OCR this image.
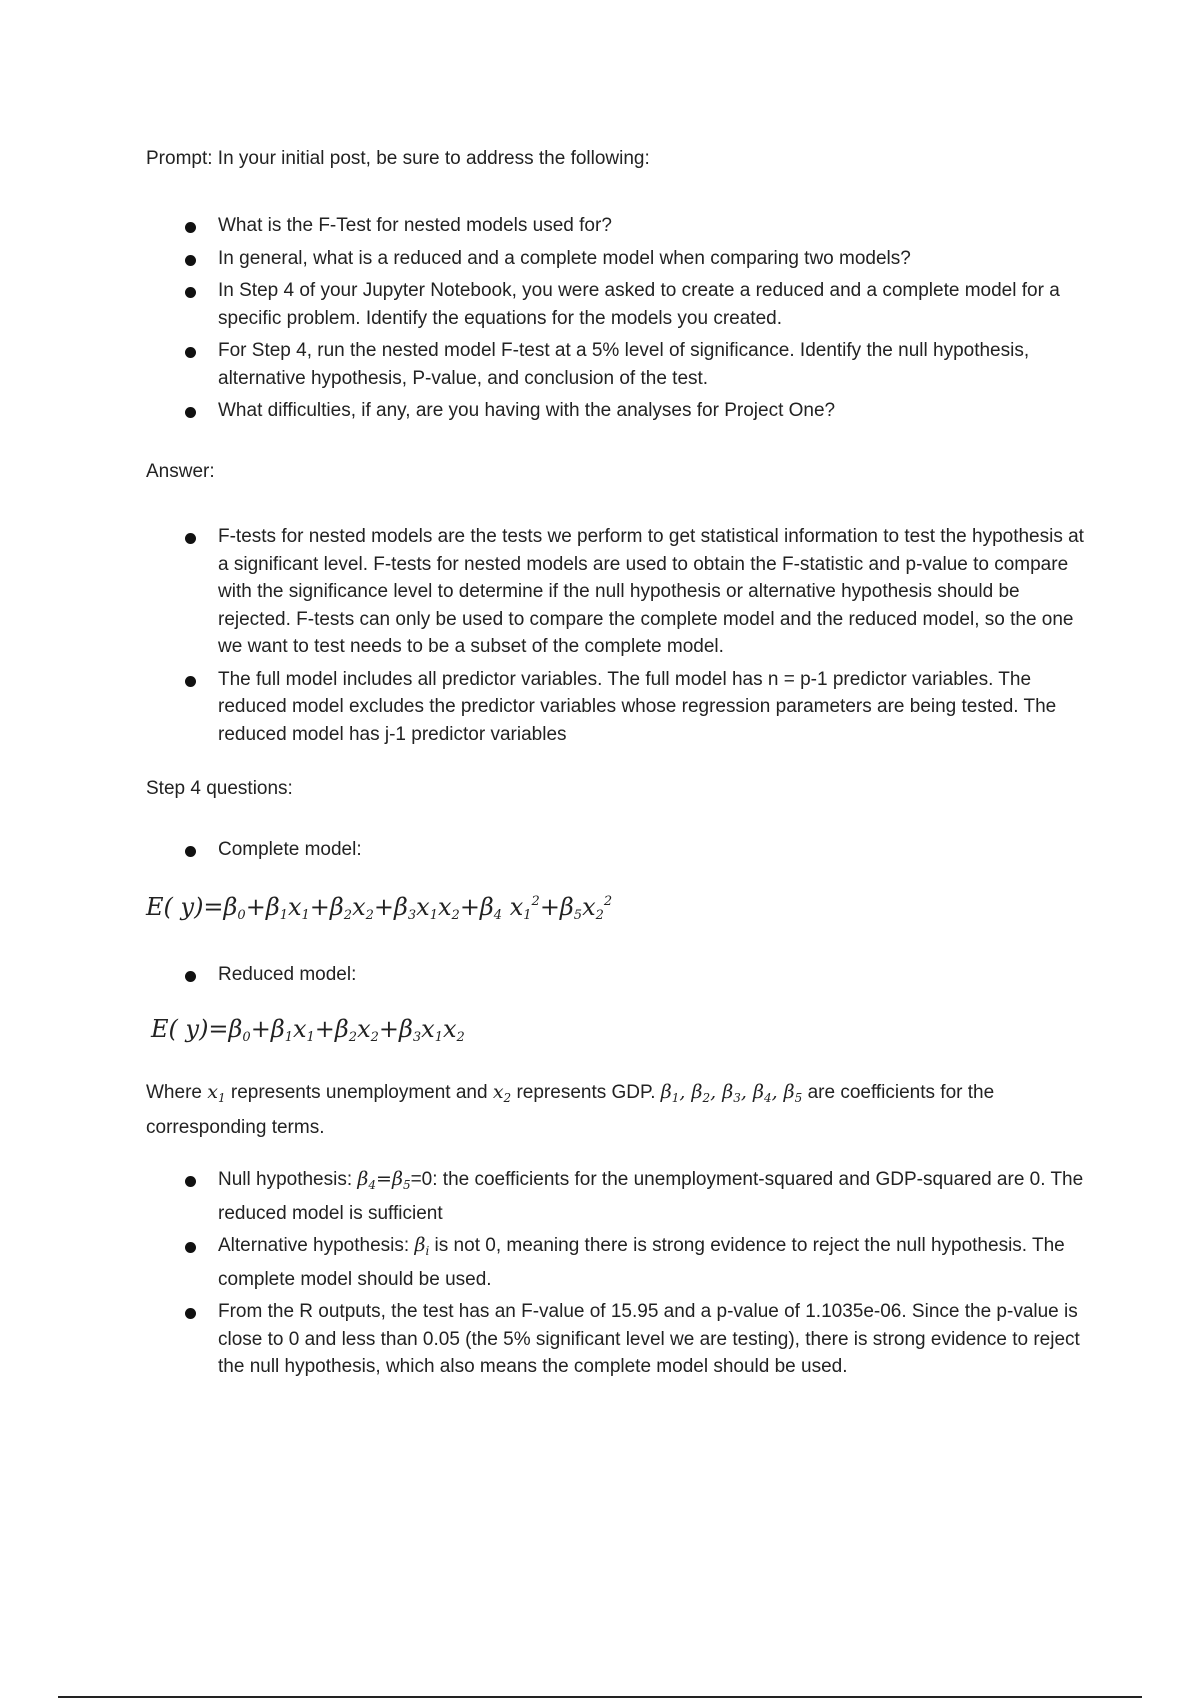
Prompt: In your initial post, be sure to address the following:
What is the F-Test for nested models used for?
In general, what is a reduced and a complete model when comparing two models?
In Step 4 of your Jupyter Notebook, you were asked to create a reduced and a complete model for a specific problem. Identify the equations for the models you created.
For Step 4, run the nested model F-test at a 5% level of significance. Identify the null hypothesis, alternative hypothesis, P-value, and conclusion of the test.
What difficulties, if any, are you having with the analyses for Project One?
Answer:
F-tests for nested models are the tests we perform to get statistical information to test the hypothesis at a significant level. F-tests for nested models are used to obtain the F-statistic and p-value to compare with the significance level to determine if the null hypothesis or alternative hypothesis should be rejected. F-tests can only be used to compare the complete model and the reduced model, so the one we want to test needs to be a subset of the complete model.
The full model includes all predictor variables. The full model has n = p-1 predictor variables. The reduced model excludes the predictor variables whose regression parameters are being tested. The reduced model has j-1 predictor variables
Step 4 questions:
Complete model:
E( $y)=\beta_0+\beta_1x_1+\beta_2x_2+\beta_3x_1x_2+\beta_4$ $x_1^2+\beta_5x_2^2$
Reduced model:
E( $y)=\beta_0+\beta_1x_1+\beta_2x_2+\beta_3x_1x_2$
Where $x_1$ represents unemployment and $x_2$ represents GDP. $\beta_1$, $\beta_2$, $\beta_3$, $\beta_4$, $\beta_5$ are coefficients for the corresponding terms.
Null hypothesis: $\beta_4=\beta_5=0$: the coefficients for the unemployment-squared and GDP-squared are 0. The reduced model is sufficient
Alternative hypothesis: $\beta_i$ is not 0, meaning there is strong evidence to reject the null hypothesis. The complete model should be used.
From the R outputs, the test has an F-value of 15.95 and a p-value of 1.1035e-06. Since the p-value is close to 0 and less than 0.05 (the 5% significant level we are testing), there is strong evidence to reject the null hypothesis, which also means the complete model should be used.
